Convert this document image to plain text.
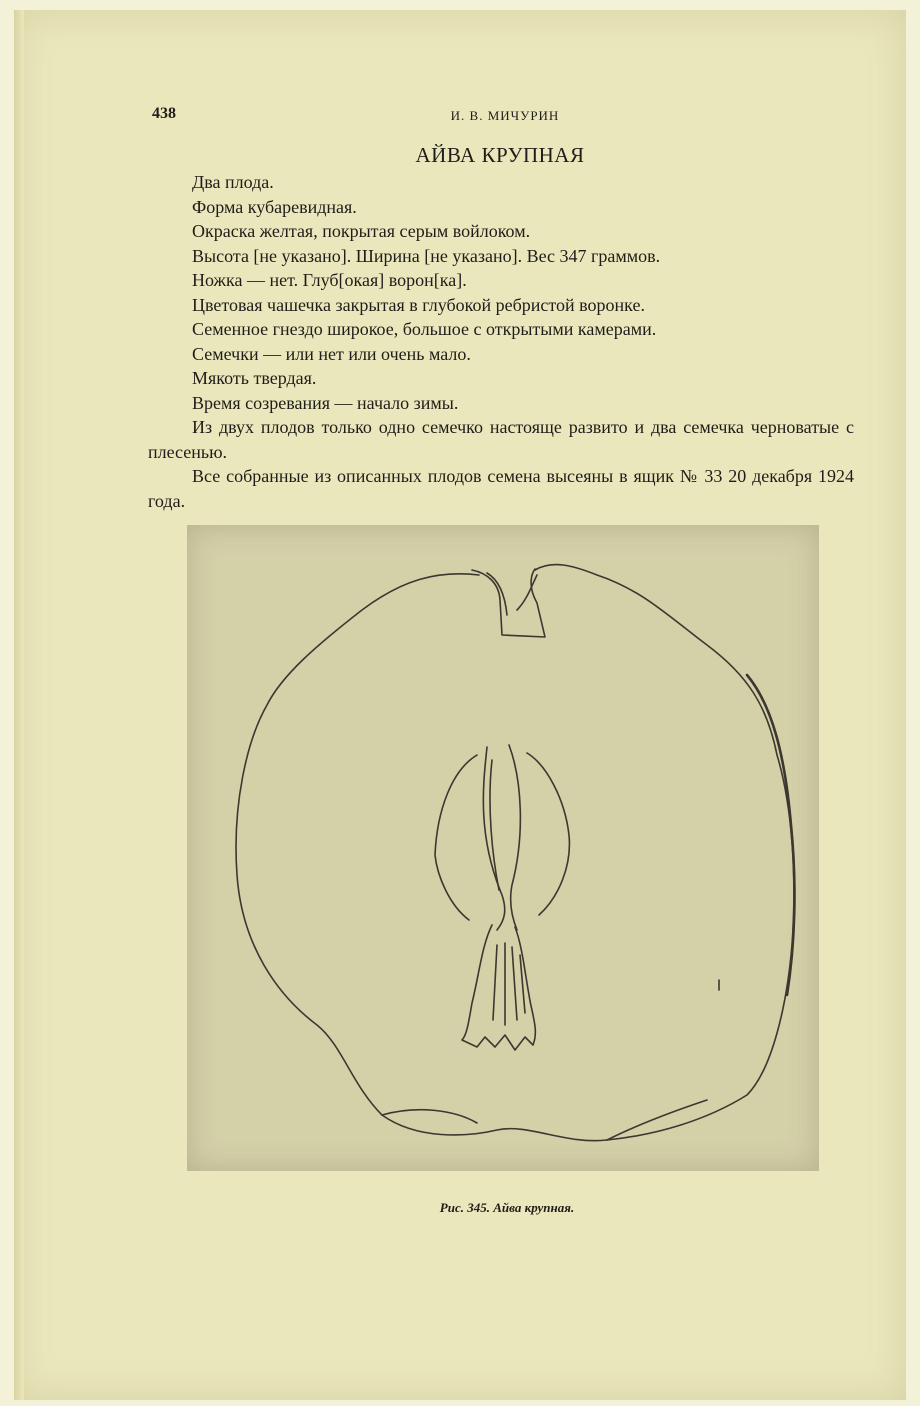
438	И. В. МИЧУРИН
АЙВА КРУПНАЯ
Два плода.
Форма кубаревидная.
Окраска желтая, покрытая серым войлоком.
Высота [не указано]. Ширина [не указано]. Вес 347 граммов.
Ножка — нет. Глуб[окая] ворон[ка].
Цветовая чашечка закрытая в глубокой ребристой воронке.
Семенное гнездо широкое, большое с открытыми камерами.
Семечки — или нет или очень мало.
Мякоть твердая.
Время созревания — начало зимы.
Из двух плодов только одно семечко настояще развито и два семечка черноватые с плесенью.
Все собранные из описанных плодов семена высеяны в ящик № 33 20 декабря 1924 года.
Рис. 345. Айва крупная.
